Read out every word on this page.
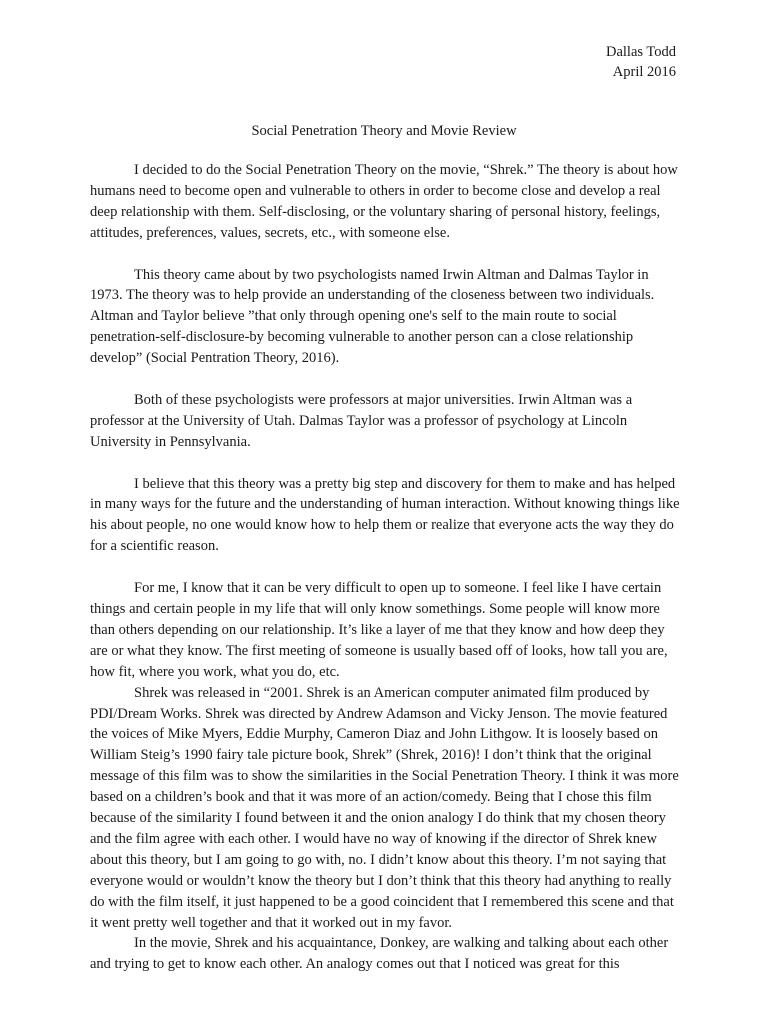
Dallas Todd
April 2016
Social Penetration Theory and Movie Review

I decided to do the Social Penetration Theory on the movie, “Shrek.” The theory is about how humans need to become open and vulnerable to others in order to become close and develop a real deep relationship with them. Self-disclosing, or the voluntary sharing of personal history, feelings, attitudes, preferences, values, secrets, etc., with someone else.

This theory came about by two psychologists named Irwin Altman and Dalmas Taylor in 1973. The theory was to help provide an understanding of the closeness between two individuals. Altman and Taylor believe ”that only through opening one's self to the main route to social penetration-self-disclosure-by becoming vulnerable to another person can a close relationship develop” (Social Pentration Theory, 2016).

Both of these psychologists were professors at major universities. Irwin Altman was a professor at the University of Utah. Dalmas Taylor was a professor of psychology at Lincoln University in Pennsylvania.

I believe that this theory was a pretty big step and discovery for them to make and has helped in many ways for the future and the understanding of human interaction. Without knowing things like his about people, no one would know how to help them or realize that everyone acts the way they do for a scientific reason.

For me, I know that it can be very difficult to open up to someone. I feel like I have certain things and certain people in my life that will only know somethings. Some people will know more than others depending on our relationship. It’s like a layer of me that they know and how deep they are or what they know. The first meeting of someone is usually based off of looks, how tall you are, how fit, where you work, what you do, etc.

Shrek was released in “2001. Shrek is an American computer animated film produced by PDI/Dream Works. Shrek was directed by Andrew Adamson and Vicky Jenson. The movie featured the voices of Mike Myers, Eddie Murphy, Cameron Diaz and John Lithgow. It is loosely based on William Steig’s 1990 fairy tale picture book, Shrek” (Shrek, 2016)! I don’t think that the original message of this film was to show the similarities in the Social Penetration Theory. I think it was more based on a children’s book and that it was more of an action/comedy. Being that I chose this film because of the similarity I found between it and the onion analogy I do think that my chosen theory and the film agree with each other. I would have no way of knowing if the director of Shrek knew about this theory, but I am going to go with, no. I didn’t know about this theory. I’m not saying that everyone would or wouldn’t know the theory but I don’t think that this theory had anything to really do with the film itself, it just happened to be a good coincident that I remembered this scene and that it went pretty well together and that it worked out in my favor.

In the movie, Shrek and his acquaintance, Donkey, are walking and talking about each other and trying to get to know each other. An analogy comes out that I noticed was great for this
